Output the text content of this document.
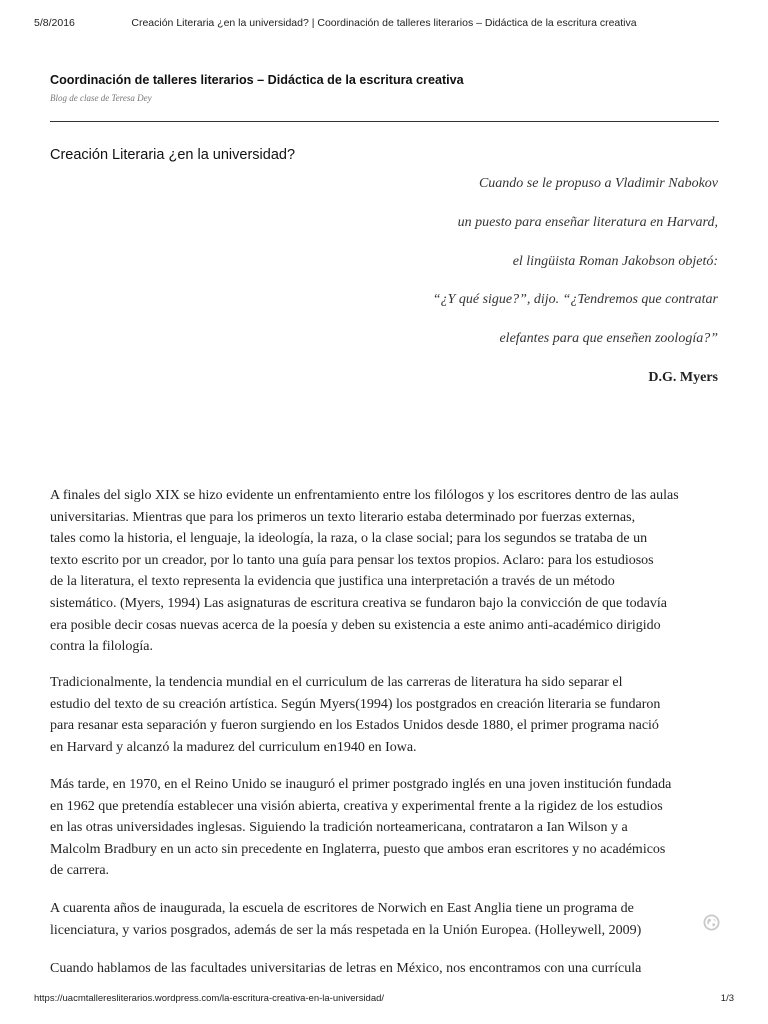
5/8/2016	Creación Literaria ¿en la universidad? | Coordinación de talleres literarios – Didáctica de la escritura creativa
Coordinación de talleres literarios – Didáctica de la escritura creativa
Blog de clase de Teresa Dey
Creación Literaria ¿en la universidad?
Cuando se le propuso a Vladimir Nabokov
un puesto para enseñar literatura en Harvard,
el lingüista Roman Jakobson objetó:
“¿Y qué sigue?”, dijo. “¿Tendremos que contratar
elefantes para que enseñen zoología?”
D.G. Myers
A finales del siglo XIX se hizo evidente un enfrentamiento entre los filólogos y los escritores dentro de las aulas
universitarias. Mientras que para los primeros un texto literario estaba determinado por fuerzas externas,
tales como la historia, el lenguaje, la ideología, la raza, o la clase social; para los segundos se trataba de un
texto escrito por un creador, por lo tanto una guía para pensar los textos propios. Aclaro: para los estudiosos
de la literatura, el texto representa la evidencia que justifica una interpretación a través de un método
sistemático. (Myers, 1994) Las asignaturas de escritura creativa se fundaron bajo la convicción de que todavía
era posible decir cosas nuevas acerca de la poesía y deben su existencia a este animo anti-académico dirigido
contra la filología.
Tradicionalmente, la tendencia mundial en el curriculum de las carreras de literatura ha sido separar el
estudio del texto de su creación artística. Según Myers(1994) los postgrados en creación literaria se fundaron
para resanar esta separación y fueron surgiendo en los Estados Unidos desde 1880, el primer programa nació
en Harvard y alcanzó la madurez del curriculum en1940 en Iowa.
Más tarde, en 1970, en el Reino Unido se inauguró el primer postgrado inglés en una joven institución fundada
en 1962 que pretendía establecer una visión abierta, creativa y experimental frente a la rigidez de los estudios
en las otras universidades inglesas. Siguiendo la tradición norteamericana, contrataron a Ian Wilson y a
Malcolm Bradbury en un acto sin precedente en Inglaterra, puesto que ambos eran escritores y no académicos
de carrera.
A cuarenta años de inaugurada, la escuela de escritores de Norwich en East Anglia tiene un programa de
licenciatura, y varios posgrados, además de ser la más respetada en la Unión Europea. (Holleywell, 2009)
Cuando hablamos de las facultades universitarias de letras en México, nos encontramos con una currícula
https://uacmtalleresliterarios.wordpress.com/la-escritura-creativa-en-la-universidad/	1/3
